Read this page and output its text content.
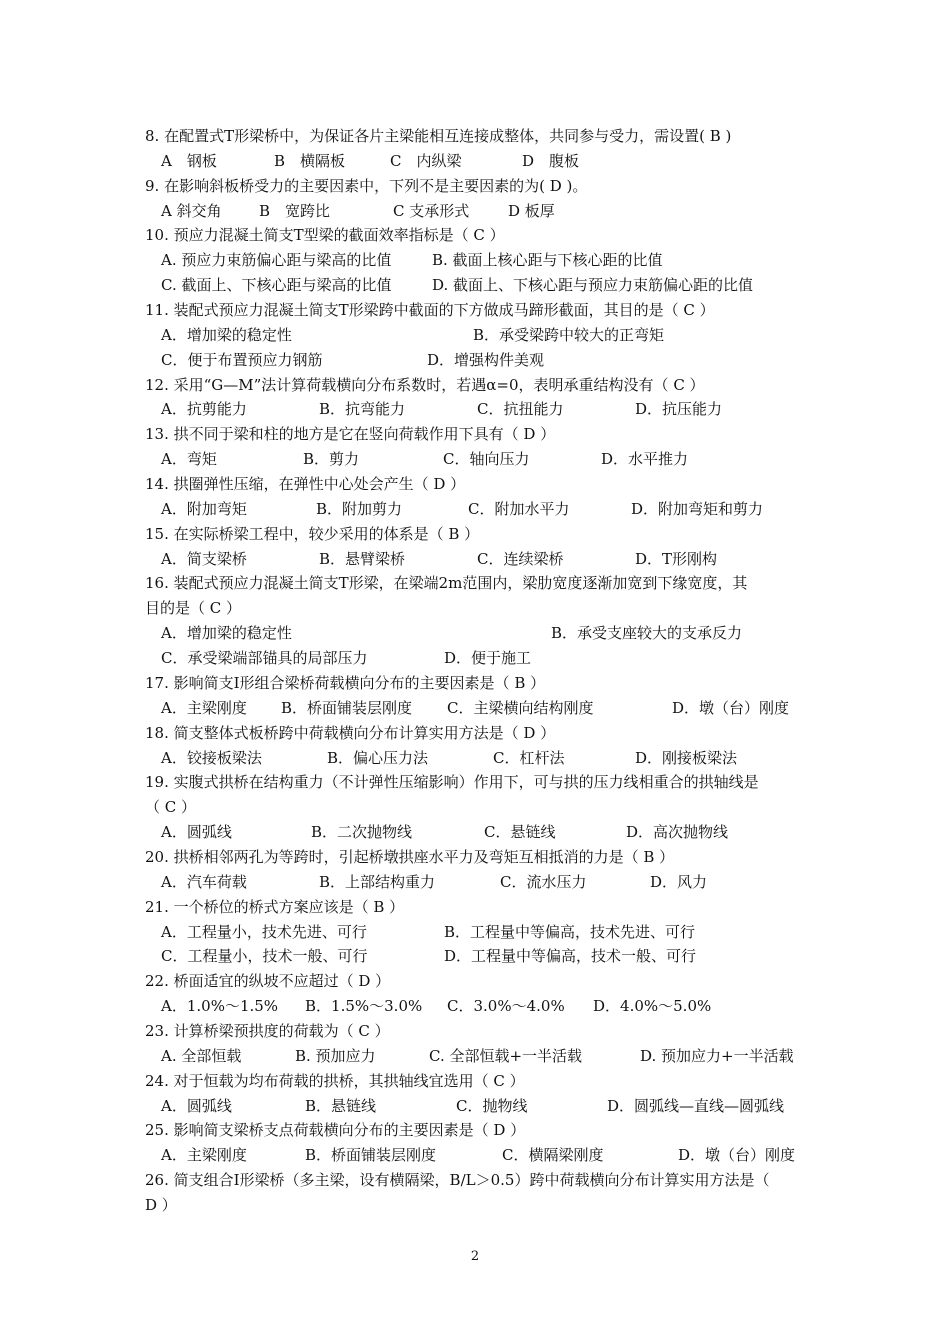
8. 在配置式T形梁桥中，为保证各片主梁能相互连接成整体，共同参与受力，需设置( B )
A　钢板	B　横隔板	C　内纵梁	D　腹板
9. 在影响斜板桥受力的主要因素中，下列不是主要因素的为( D )。
A 斜交角 B　宽跨比	C 支承形式	D 板厚
10. 预应力混凝土简支T型梁的截面效率指标是（ C ）
A. 预应力束筋偏心距与梁高的比值	B. 截面上核心距与下核心距的比值
C. 截面上、下核心距与梁高的比值	D. 截面上、下核心距与预应力束筋偏心距的比值
11. 装配式预应力混凝土简支T形梁跨中截面的下方做成马蹄形截面，其目的是（ C ）
A．增加梁的稳定性	B．承受梁跨中较大的正弯矩
C．便于布置预应力钢筋	D．增强构件美观
12. 采用“G—M”法计算荷载横向分布系数时，若遇α=0，表明承重结构没有（ C ）
A．抗剪能力	B．抗弯能力	C．抗扭能力	D．抗压能力
13. 拱不同于梁和柱的地方是它在竖向荷载作用下具有（ D ）
A．弯矩	B．剪力	C．轴向压力	D．水平推力
14. 拱圈弹性压缩，在弹性中心处会产生（ D ）
A．附加弯矩	B．附加剪力	C．附加水平力	D．附加弯矩和剪力
15. 在实际桥梁工程中，较少采用的体系是（ B ）
A．简支梁桥	B．悬臂梁桥	C．连续梁桥	D．T形刚构
16. 装配式预应力混凝土简支T形梁，在梁端2m范围内，梁肋宽度逐渐加宽到下缘宽度，其
目的是（ C ）
A．增加梁的稳定性	B．承受支座较大的支承反力
C．承受梁端部锚具的局部压力	D．便于施工
17. 影响简支Ⅰ形组合梁桥荷载横向分布的主要因素是（ B ）
A．主梁刚度 B．桥面铺装层刚度 C．主梁横向结构刚度	D．墩（台）刚度
18. 简支整体式板桥跨中荷载横向分布计算实用方法是（ D ）
A．铰接板梁法	B．偏心压力法	C．杠杆法	D．刚接板梁法
19. 实腹式拱桥在结构重力（不计弹性压缩影响）作用下，可与拱的压力线相重合的拱轴线是
（ C ）
A．圆弧线	B．二次抛物线	C．悬链线	D．高次抛物线
20. 拱桥相邻两孔为等跨时，引起桥墩拱座水平力及弯矩互相抵消的力是（ B ）
A．汽车荷载	B．上部结构重力	C．流水压力	D．风力
21. 一个桥位的桥式方案应该是（ B ）
A．工程量小，技术先进、可行	B．工程量中等偏高，技术先进、可行
C．工程量小，技术一般、可行	D．工程量中等偏高，技术一般、可行
22. 桥面适宜的纵坡不应超过（ D ）
A．1.0%～1.5% B．1.5%～3.0% C．3.0%～4.0% D．4.0%～5.0%
23. 计算桥梁预拱度的荷载为（ C ）
A. 全部恒载	B. 预加应力	C. 全部恒载+一半活载	D. 预加应力+一半活载
24. 对于恒载为均布荷载的拱桥，其拱轴线宜选用（ C ）
A．圆弧线	B．悬链线	C．抛物线	D．圆弧线—直线—圆弧线
25. 影响简支梁桥支点荷载横向分布的主要因素是（ D ）
A．主梁刚度	B．桥面铺装层刚度	C．横隔梁刚度	D．墩（台）刚度
26. 简支组合Ⅰ形梁桥（多主梁，设有横隔梁，B/L＞0.5）跨中荷载横向分布计算实用方法是（
D ）
2
